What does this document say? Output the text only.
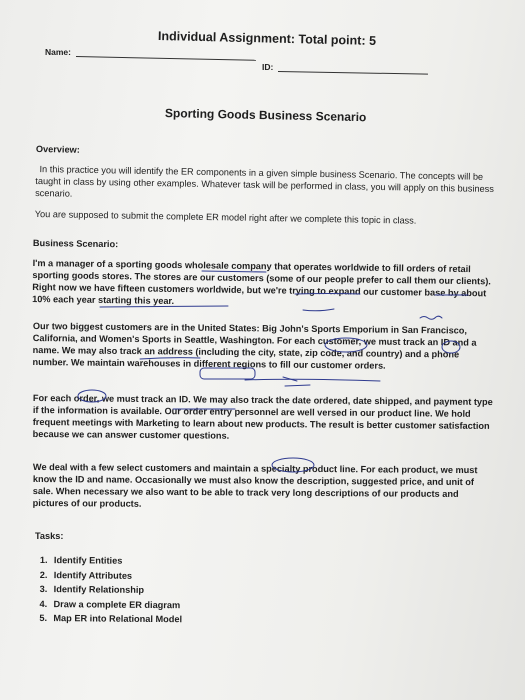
Individual Assignment: Total point: 5
Name:
ID:
Sporting Goods Business Scenario
Overview:
In this practice you will identify the ER components in a given simple business Scenario. The concepts will be taught in class by using other examples. Whatever task will be performed in class, you will apply on this business scenario.
You are supposed to submit the complete ER model right after we complete this topic in class.
Business Scenario:
I'm a manager of a sporting goods wholesale company that operates worldwide to fill orders of retail sporting goods stores. The stores are our customers (some of our people prefer to call them our clients). Right now we have fifteen customers worldwide, but we're trying to expand our customer base by about 10% each year starting this year.
Our two biggest customers are in the United States: Big John's Sports Emporium in San Francisco, California, and Women's Sports in Seattle, Washington. For each customer, we must track an ID and a name. We may also track an address (including the city, state, zip code, and country) and a phone number. We maintain warehouses in different regions to fill our customer orders.
For each order, we must track an ID. We may also track the date ordered, date shipped, and payment type if the information is available. Our order entry personnel are well versed in our product line. We hold frequent meetings with Marketing to learn about new products. The result is better customer satisfaction because we can answer customer questions.
We deal with a few select customers and maintain a specialty product line. For each product, we must know the ID and name. Occasionally we must also know the description, suggested price, and unit of sale. When necessary we also want to be able to track very long descriptions of our products and pictures of our products.
Tasks:
1. Identify Entities
2. Identify Attributes
3. Identify Relationship
4. Draw a complete ER diagram
5. Map ER into Relational Model
